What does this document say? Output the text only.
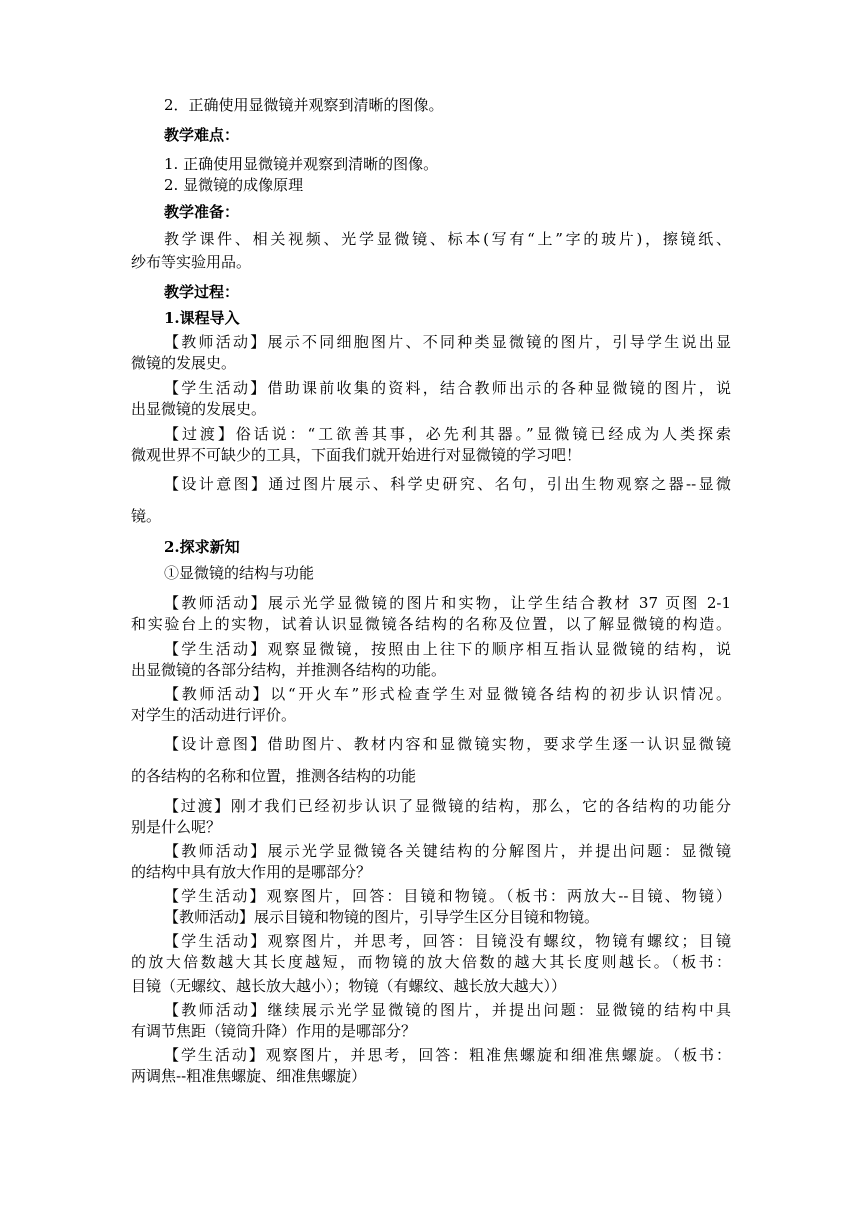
2．正确使用显微镜并观察到清晰的图像。
教学难点：
1. 正确使用显微镜并观察到清晰的图像。
2. 显微镜的成像原理
教学准备：
教学课件、相关视频、光学显微镜、标本(写有“上”字的玻片)，擦镜纸、
纱布等实验用品。
教学过程：
1.课程导入
【教师活动】展示不同细胞图片、不同种类显微镜的图片，引导学生说出显
微镜的发展史。
【学生活动】借助课前收集的资料，结合教师出示的各种显微镜的图片，说
出显微镜的发展史。
【过渡】俗话说：“工欲善其事，必先利其器。”显微镜已经成为人类探索
微观世界不可缺少的工具，下面我们就开始进行对显微镜的学习吧！
【设计意图】通过图片展示、科学史研究、名句，引出生物观察之器--显微
镜。
2.探求新知
①显微镜的结构与功能
【教师活动】展示光学显微镜的图片和实物，让学生结合教材 37 页图 2-1
和实验台上的实物，试着认识显微镜各结构的名称及位置，以了解显微镜的构造。
【学生活动】观察显微镜，按照由上往下的顺序相互指认显微镜的结构，说
出显微镜的各部分结构，并推测各结构的功能。
【教师活动】以“开火车”形式检查学生对显微镜各结构的初步认识情况。
对学生的活动进行评价。
【设计意图】借助图片、教材内容和显微镜实物，要求学生逐一认识显微镜
的各结构的名称和位置，推测各结构的功能
【过渡】刚才我们已经初步认识了显微镜的结构，那么，它的各结构的功能分
别是什么呢？
【教师活动】展示光学显微镜各关键结构的分解图片，并提出问题：显微镜
的结构中具有放大作用的是哪部分？
【学生活动】观察图片，回答：目镜和物镜。（板书：两放大--目镜、物镜）
【教师活动】展示目镜和物镜的图片，引导学生区分目镜和物镜。
【学生活动】观察图片，并思考，回答：目镜没有螺纹，物镜有螺纹；目镜
的放大倍数越大其长度越短，而物镜的放大倍数的越大其长度则越长。（板书：
目镜（无螺纹、越长放大越小）；物镜（有螺纹、越长放大越大））
【教师活动】继续展示光学显微镜的图片，并提出问题：显微镜的结构中具
有调节焦距（镜筒升降）作用的是哪部分？
【学生活动】观察图片，并思考，回答：粗准焦螺旋和细准焦螺旋。（板书：
两调焦--粗准焦螺旋、细准焦螺旋）
